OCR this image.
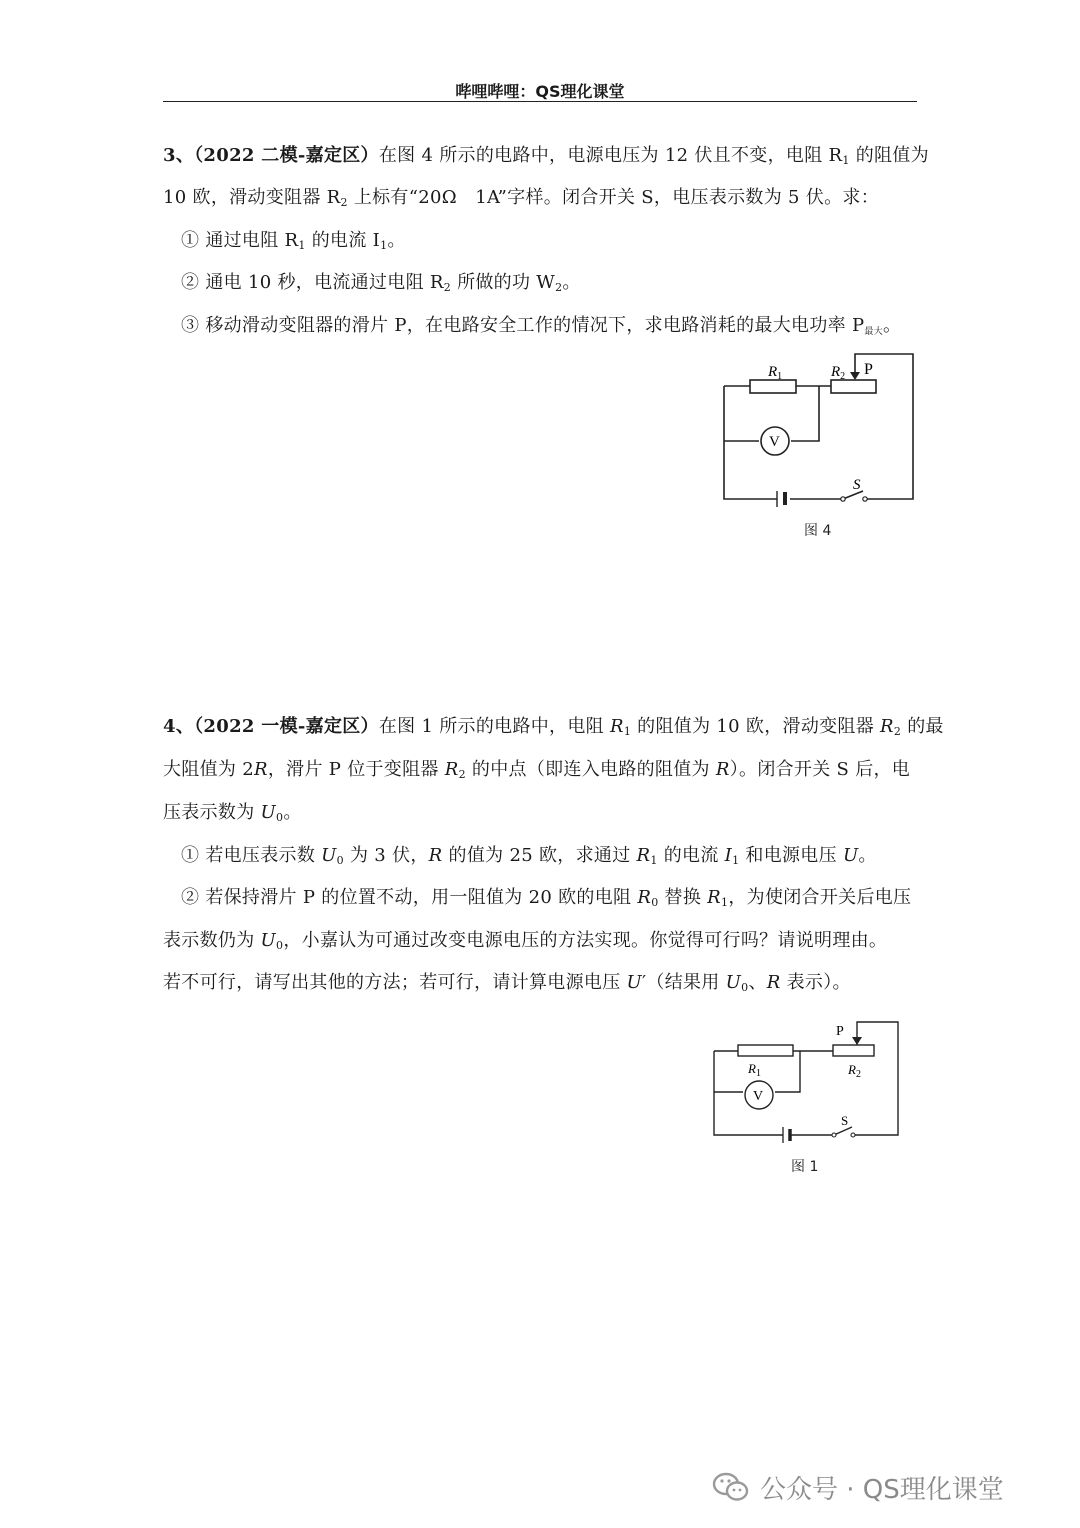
哔哩哔哩：QS理化课堂
3、（2022 二模-嘉定区）在图 4 所示的电路中，电源电压为 12 伏且不变，电阻 $R_1$ 的阻值为
10 欧，滑动变阻器 $R_2$ 上标有“20Ω　1A”字样。闭合开关 S，电压表示数为 5 伏。求：
① 通过电阻 $R_1$ 的电流 $I_1$。
② 通电 10 秒，电流通过电阻 $R_2$ 所做的功 $W_2$。
③ 移动滑动变阻器的滑片 P，在电路安全工作的情况下，求电路消耗的最大电功率 $P_{最大}$。
$R_1$	$R_2$ P
V
S
图 4
4、（2022 一模-嘉定区）在图 1 所示的电路中，电阻 $R_1$ 的阻值为 10 欧，滑动变阻器 $R_2$ 的最
大阻值为 2R，滑片 P 位于变阻器 $R_2$ 的中点（即连入电路的阻值为 R）。闭合开关 S 后，电
压表示数为 $U_0$。
① 若电压表示数 $U_0$ 为 3 伏，R 的值为 25 欧，求通过 $R_1$ 的电流 $I_1$ 和电源电压 U。
② 若保持滑片 P 的位置不动，用一阻值为 20 欧的电阻 $R_0$ 替换 $R_1$，为使闭合开关后电压
表示数仍为 $U_0$，小嘉认为可通过改变电源电压的方法实现。你觉得可行吗？请说明理由。
若不可行，请写出其他的方法；若可行，请计算电源电压 U′（结果用 $U_0$、R 表示）。
$R_1$	$R_2$
P
V
S
图 1
公众号 · QS理化课堂
